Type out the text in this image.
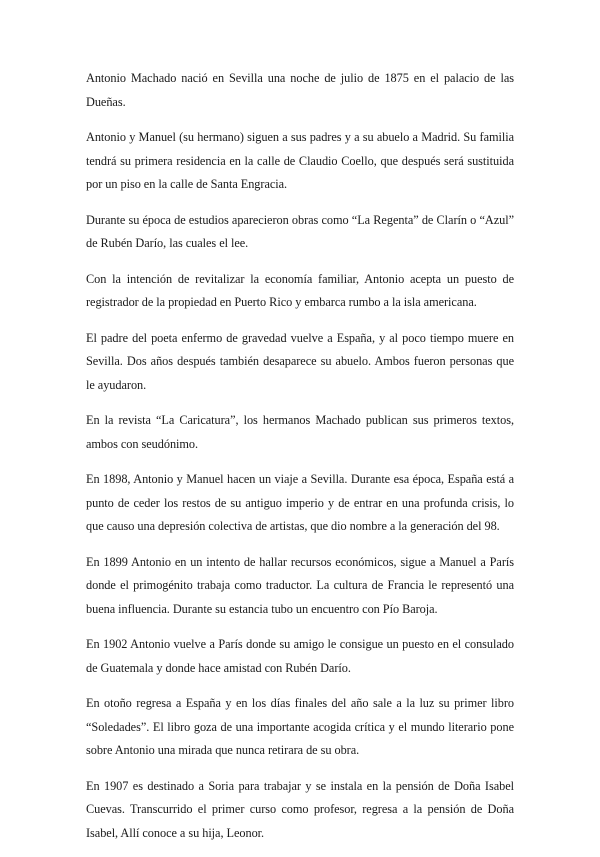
Antonio Machado nació en Sevilla una noche de julio de 1875 en el palacio de las Dueñas.

Antonio y Manuel (su hermano) siguen a sus padres y a su abuelo a Madrid. Su familia tendrá su primera residencia en la calle de Claudio Coello, que después será sustituida por un piso en la calle de Santa Engracia.

Durante su época de estudios aparecieron obras como “La Regenta” de Clarín o “Azul” de Rubén Darío, las cuales el lee.

Con la intención de revitalizar la economía familiar, Antonio acepta un puesto de registrador de la propiedad en Puerto Rico y embarca rumbo a la isla americana.

El padre del poeta enfermo de gravedad vuelve a España, y al poco tiempo muere en Sevilla. Dos años después también desaparece su abuelo. Ambos fueron personas que le ayudaron.

En la revista “La Caricatura”, los hermanos Machado publican sus primeros textos, ambos con seudónimo.

En 1898, Antonio y Manuel hacen un viaje a Sevilla. Durante esa época, España está a punto de ceder los restos de su antiguo imperio y de entrar en una profunda crisis, lo que causo una depresión colectiva de artistas, que dio nombre a la generación del 98.

En 1899 Antonio en un intento de hallar recursos económicos, sigue a Manuel a París donde el primogénito trabaja como traductor. La cultura de Francia le representó una buena influencia. Durante su estancia tubo un encuentro con Pío Baroja.

En 1902 Antonio vuelve a París donde su amigo le consigue un puesto en el consulado de Guatemala y donde hace amistad con Rubén Darío.

En otoño regresa a España y en los días finales del año sale a la luz su primer libro “Soledades”. El libro goza de una importante acogida crítica y el mundo literario pone sobre Antonio una mirada que nunca retirara de su obra.

En 1907 es destinado a Soria para trabajar y se instala en la pensión de Doña Isabel Cuevas. Transcurrido el primer curso como profesor, regresa a la pensión de Doña Isabel, Allí conoce a su hija, Leonor.
